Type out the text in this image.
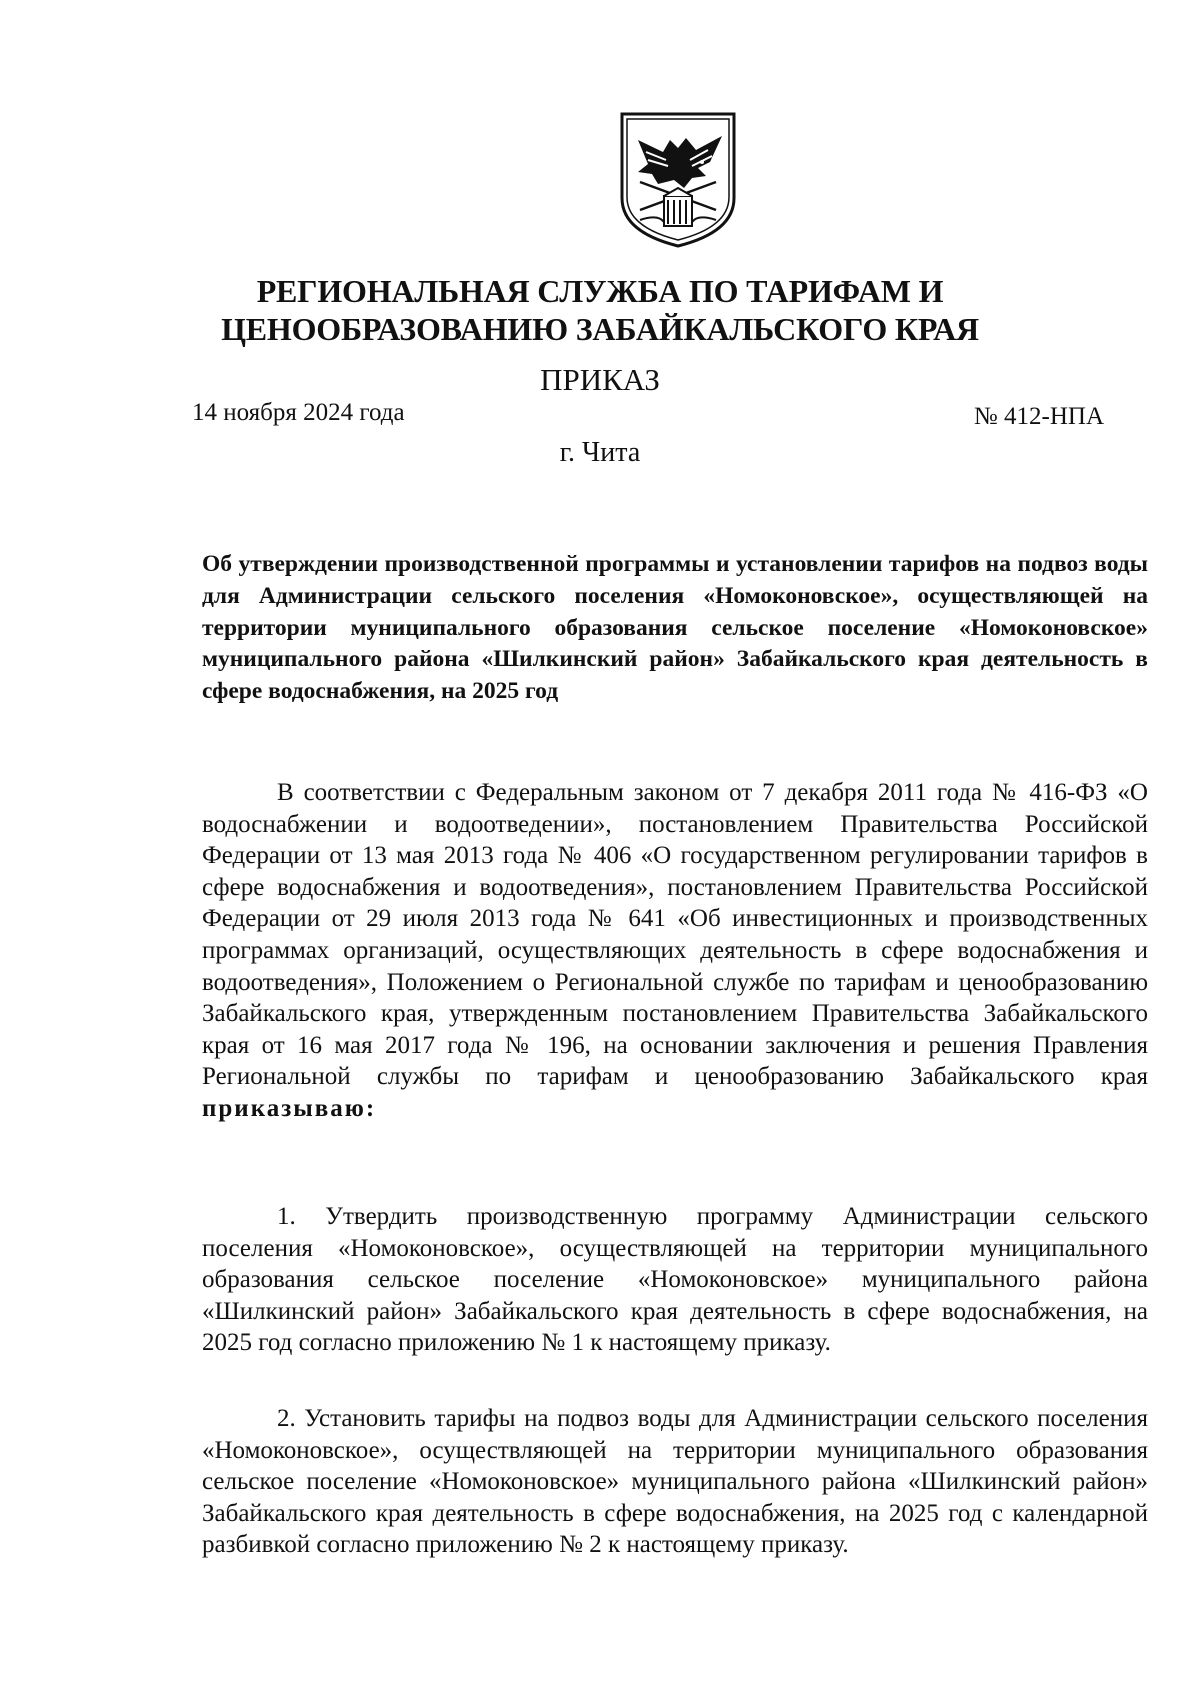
РЕГИОНАЛЬНАЯ СЛУЖБА ПО ТАРИФАМ И
ЦЕНООБРАЗОВАНИЮ ЗАБАЙКАЛЬСКОГО КРАЯ
ПРИКАЗ
14 ноября 2024 года	№ 412-НПА
г. Чита

Об утверждении производственной программы и установлении тарифов на подвоз воды для Администрации сельского поселения «Номоконовское», осуществляющей на территории муниципального образования сельское поселение «Номоконовское» муниципального района «Шилкинский район» Забайкальского края деятельность в сфере водоснабжения, на 2025 год

В соответствии с Федеральным законом от 7 декабря 2011 года № 416-ФЗ «О водоснабжении и водоотведении», постановлением Правительства Российской Федерации от 13 мая 2013 года № 406 «О государственном регулировании тарифов в сфере водоснабжения и водоотведения», постановлением Правительства Российской Федерации от 29 июля 2013 года № 641 «Об инвестиционных и производственных программах организаций, осуществляющих деятельность в сфере водоснабжения и водоотведения», Положением о Региональной службе по тарифам и ценообразованию Забайкальского края, утвержденным постановлением Правительства Забайкальского края от 16 мая 2017 года № 196, на основании заключения и решения Правления Региональной службы по тарифам и ценообразованию Забайкальского края приказываю:

1. Утвердить производственную программу Администрации сельского поселения «Номоконовское», осуществляющей на территории муниципального образования сельское поселение «Номоконовское» муниципального района «Шилкинский район» Забайкальского края деятельность в сфере водоснабжения, на 2025 год согласно приложению № 1 к настоящему приказу.

2. Установить тарифы на подвоз воды для Администрации сельского поселения «Номоконовское», осуществляющей на территории муниципального образования сельское поселение «Номоконовское» муниципального района «Шилкинский район» Забайкальского края деятельность в сфере водоснабжения, на 2025 год с календарной разбивкой согласно приложению № 2 к настоящему приказу.
